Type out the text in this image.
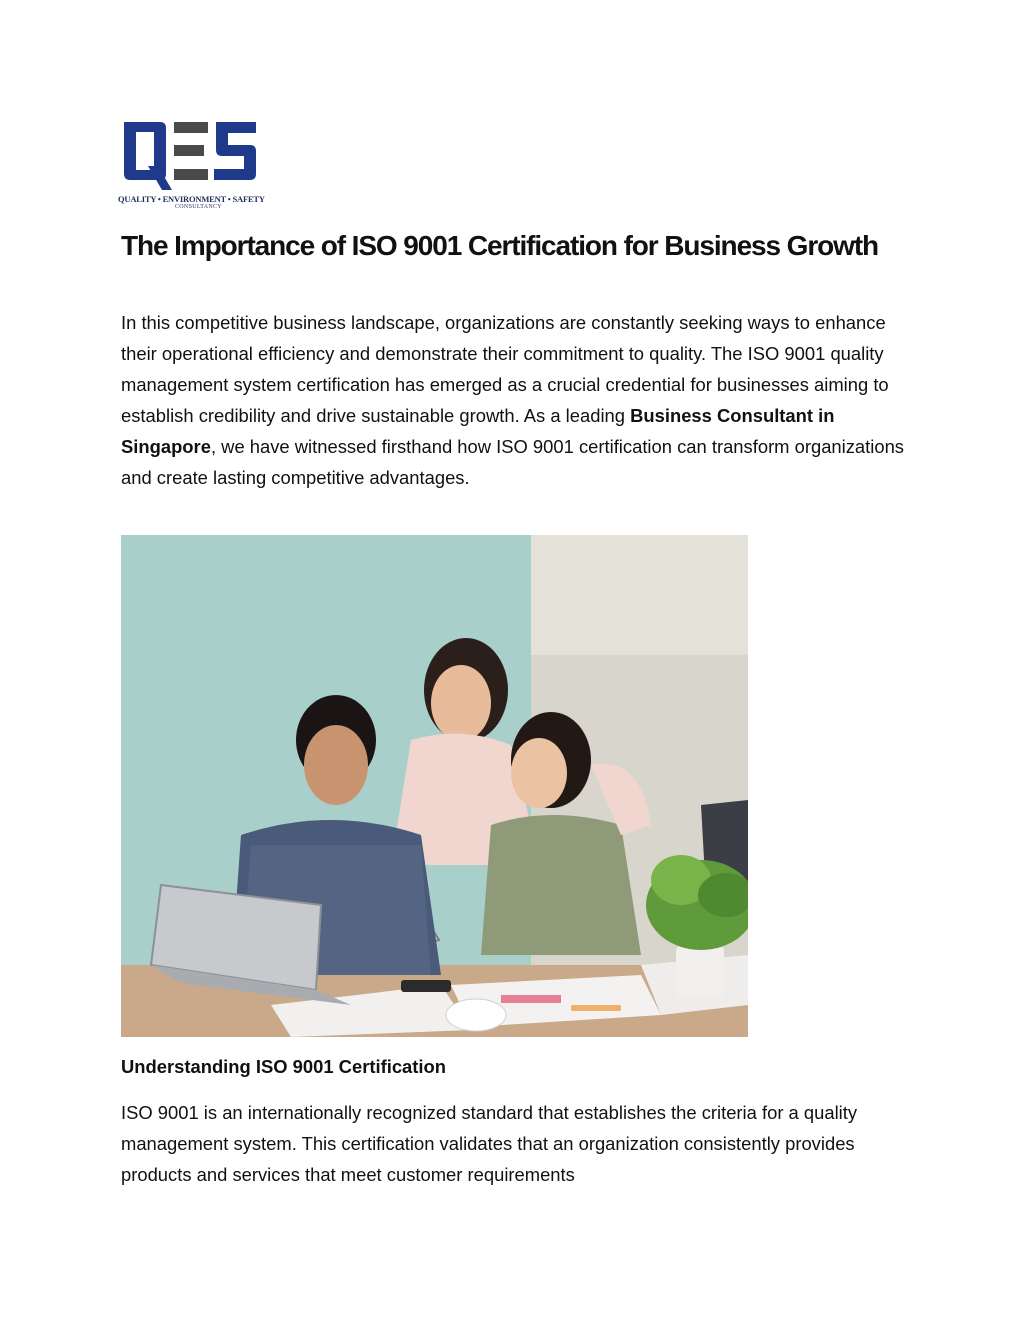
QUALITY • ENVIRONMENT • SAFETY
CONSULTANCY
The Importance of ISO 9001 Certification for Business Growth

In this competitive business landscape, organizations are constantly seeking ways to enhance their operational efficiency and demonstrate their commitment to quality. The ISO 9001 quality management system certification has emerged as a crucial credential for businesses aiming to establish credibility and drive sustainable growth. As a leading Business Consultant in Singapore, we have witnessed firsthand how ISO 9001 certification can transform organizations and create lasting competitive advantages.

Understanding ISO 9001 Certification

ISO 9001 is an internationally recognized standard that establishes the criteria for a quality management system. This certification validates that an organization consistently provides products and services that meet customer requirements
